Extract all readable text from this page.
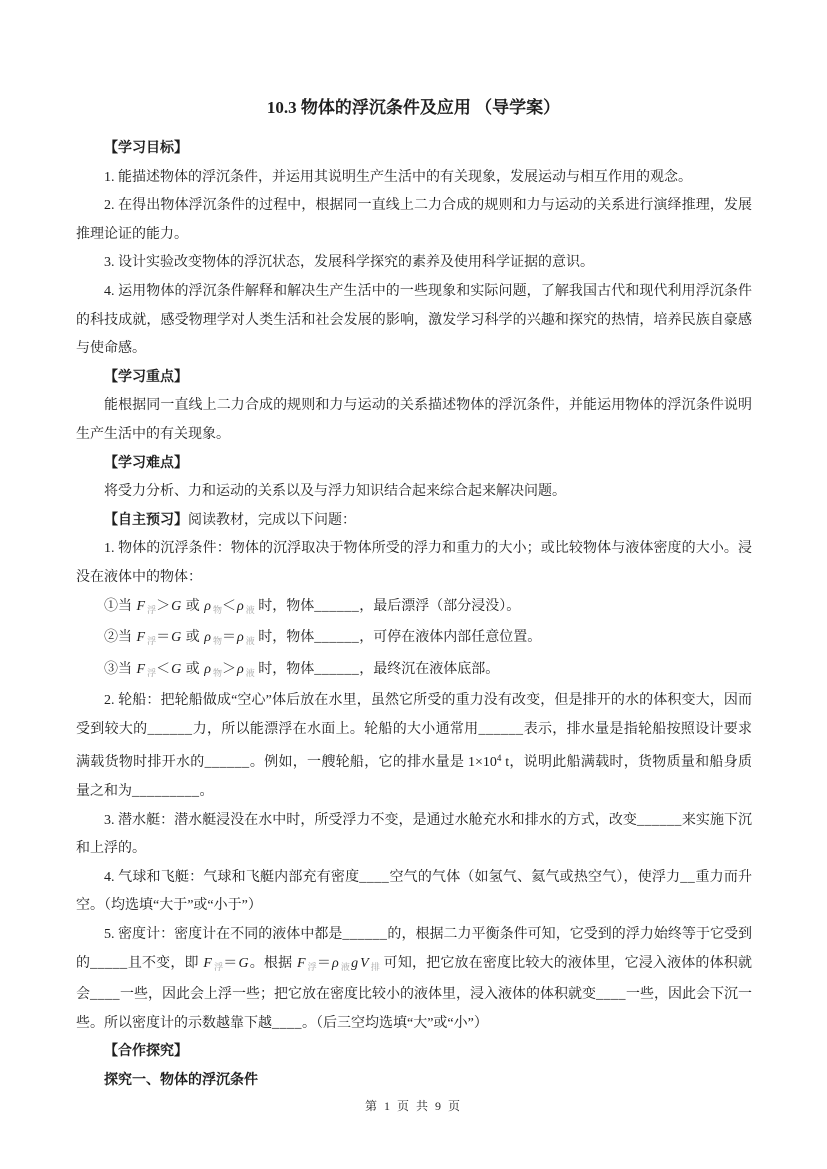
10.3 物体的浮沉条件及应用 （导学案）

【学习目标】

1. 能描述物体的浮沉条件，并运用其说明生产生活中的有关现象，发展运动与相互作用的观念。

2. 在得出物体浮沉条件的过程中，根据同一直线上二力合成的规则和力与运动的关系进行演绎推理，发展推理论证的能力。

3. 设计实验改变物体的浮沉状态，发展科学探究的素养及使用科学证据的意识。

4. 运用物体的浮沉条件解释和解决生产生活中的一些现象和实际问题，了解我国古代和现代利用浮沉条件的科技成就，感受物理学对人类生活和社会发展的影响，激发学习科学的兴趣和探究的热情，培养民族自豪感与使命感。

【学习重点】

能根据同一直线上二力合成的规则和力与运动的关系描述物体的浮沉条件，并能运用物体的浮沉条件说明生产生活中的有关现象。

【学习难点】

将受力分析、力和运动的关系以及与浮力知识结合起来综合起来解决问题。

【自主预习】阅读教材，完成以下问题：

1. 物体的沉浮条件：物体的沉浮取决于物体所受的浮力和重力的大小；或比较物体与液体密度的大小。浸没在液体中的物体：

①当 F $_浮$＞G 或 ρ $_物$＜ρ $_液$ 时，物体______，最后漂浮（部分浸没）。

②当 F $_浮$＝G 或 ρ $_物$＝ρ $_液$ 时，物体______，可停在液体内部任意位置。

③当 F $_浮$＜G 或 ρ $_物$＞ρ $_液$ 时，物体______，最终沉在液体底部。

2. 轮船：把轮船做成“空心”体后放在水里，虽然它所受的重力没有改变，但是排开的水的体积变大，因而受到较大的______力，所以能漂浮在水面上。轮船的大小通常用______表示，排水量是指轮船按照设计要求满载货物时排开水的______。例如，一艘轮船，它的排水量是 $1\times 10^4$ t，说明此船满载时，货物质量和船身质量之和为_________。

3. 潜水艇：潜水艇浸没在水中时，所受浮力不变，是通过水舱充水和排水的方式，改变______来实施下沉和上浮的。

4. 气球和飞艇：气球和飞艇内部充有密度____空气的气体（如氢气、氦气或热空气），使浮力__重力而升空。（均选填“大于”或“小于”）

5. 密度计：密度计在不同的液体中都是______的，根据二力平衡条件可知，它受到的浮力始终等于它受到的_____且不变，即 F $_浮$＝G。根据 F $_浮$＝ρ $_液$g V $_排$ 可知，把它放在密度比较大的液体里，它浸入液体的体积就会____一些，因此会上浮一些；把它放在密度比较小的液体里，浸入液体的体积就变____一些，因此会下沉一些。所以密度计的示数越靠下越____。（后三空均选填“大”或“小”）

【合作探究】

探究一、物体的浮沉条件

第 1 页 共 9 页
